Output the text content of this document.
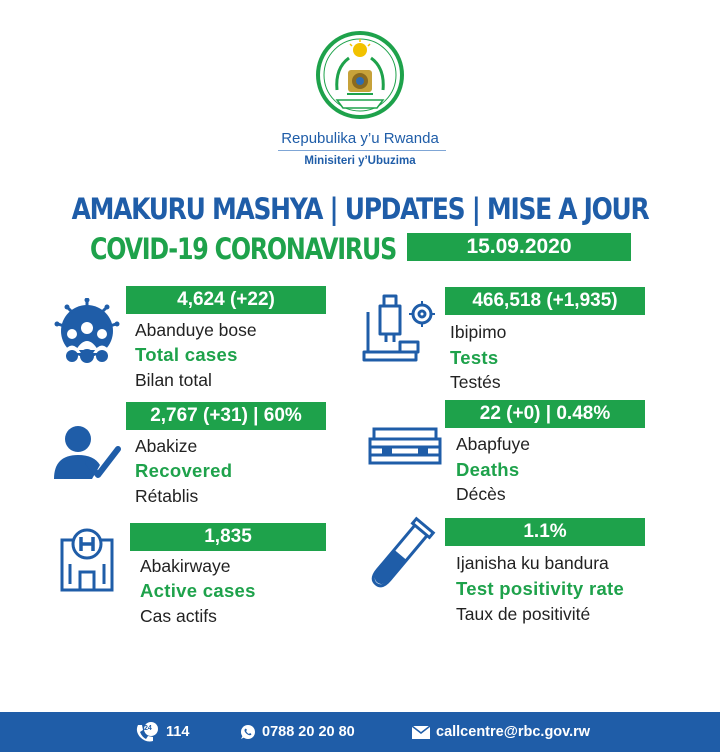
Repubulika y’u Rwanda
Minisiteri y’Ubuzima
AMAKURU MASHYA | UPDATES | MISE A JOUR
COVID-19 CORONAVIRUS	15.09.2020
4,624 (+22)
Abanduye bose
Total cases
Bilan total
466,518 (+1,935)
Ibipimo
Tests
Testés
2,767 (+31) | 60%
Abakize
Recovered
Rétablis
22 (+0) | 0.48%
Abapfuye
Deaths
Décès
1,835
Abakirwaye
Active cases
Cas actifs
1.1%
Ijanisha ku bandura
Test positivity rate
Taux de positivité
24 114	0788 20 20 80	callcentre@rbc.gov.rw
